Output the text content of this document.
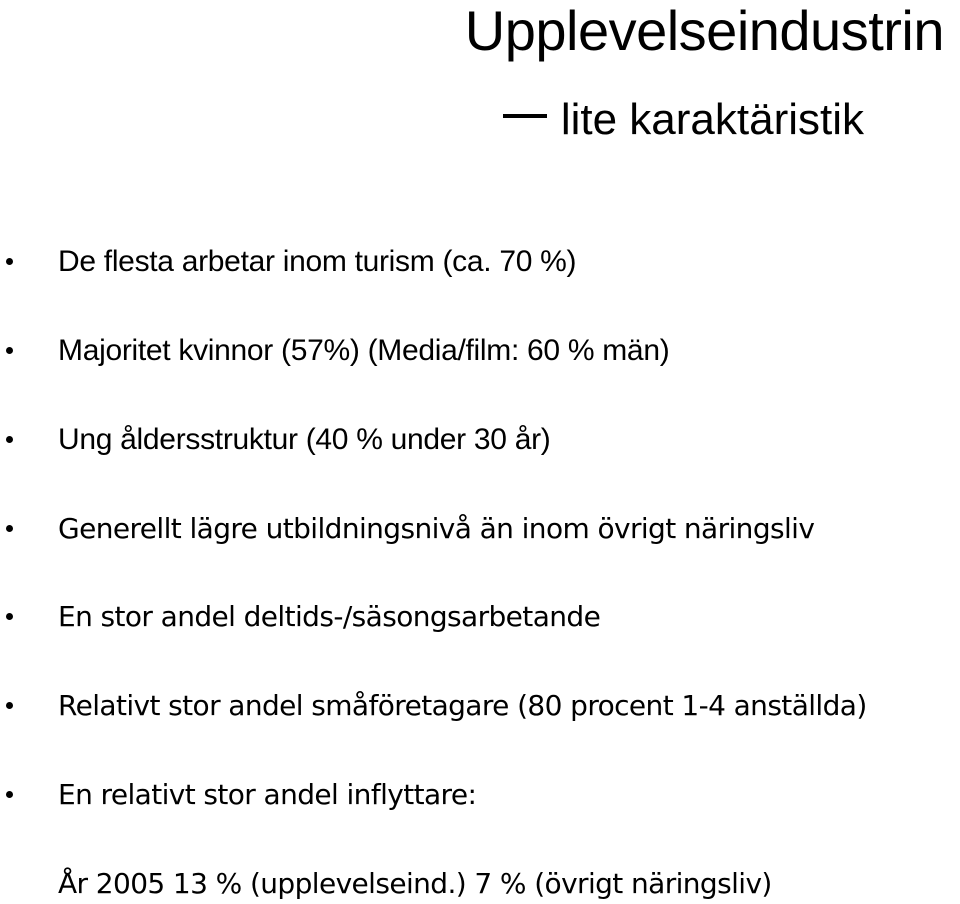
Upplevelseindustrin
lite karaktäristik
De flesta arbetar inom turism (ca. 70 %)
Majoritet kvinnor (57%) (Media/film: 60 % män)
Ung åldersstruktur (40 % under 30 år)
Generellt lägre utbildningsnivå än inom övrigt näringsliv
En stor andel deltids-/säsongsarbetande
Relativt stor andel småföretagare (80 procent 1-4 anställda)
En relativt stor andel inflyttare:
År 2005 13 % (upplevelseind.) 7 % (övrigt näringsliv)
